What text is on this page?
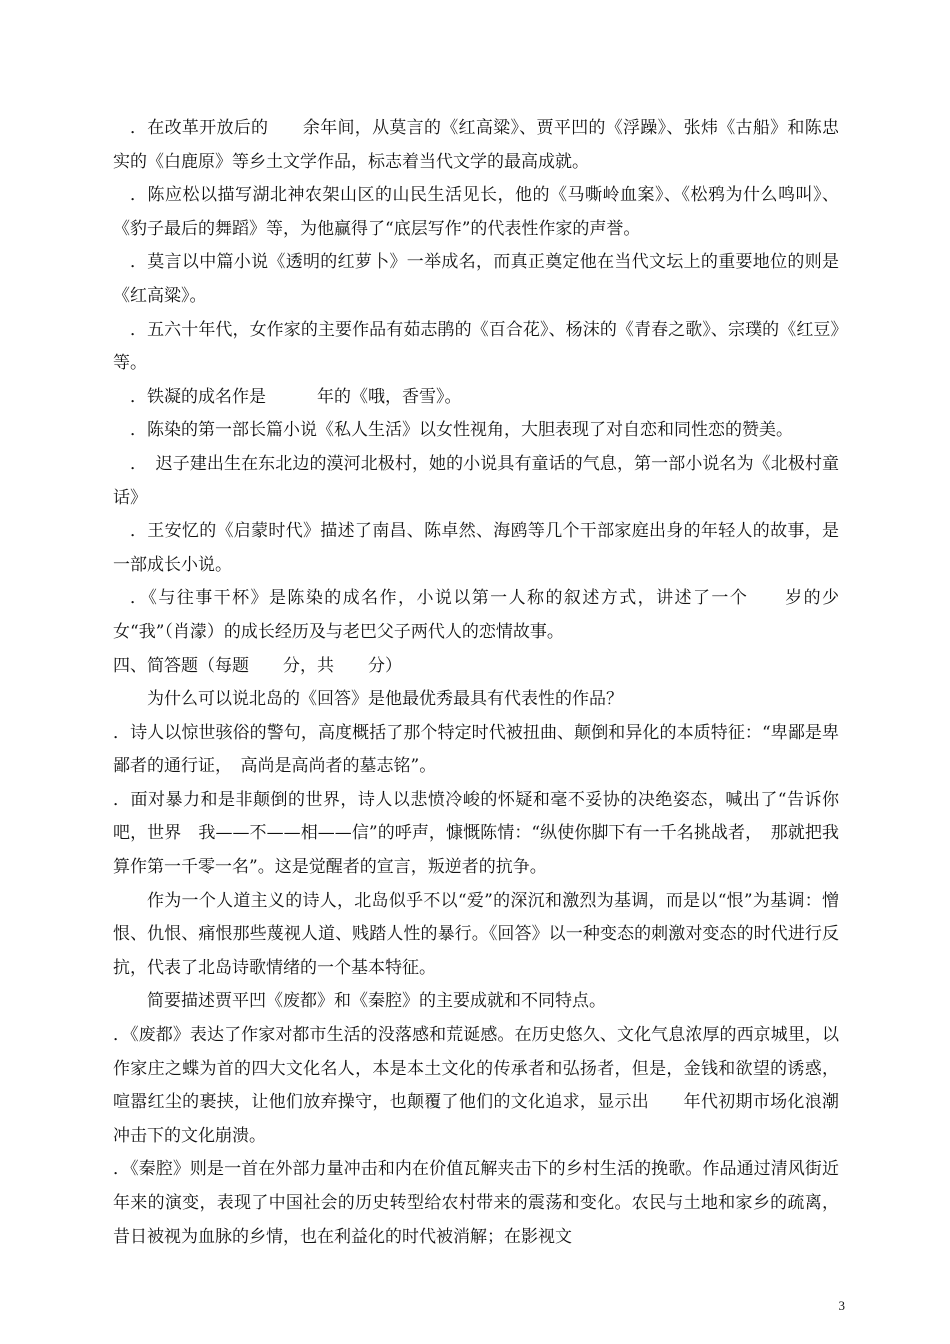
．在改革开放后的　　余年间，从莫言的《红高粱》、贾平凹的《浮躁》、张炜《古船》和陈忠实的《白鹿原》等乡土文学作品，标志着当代文学的最高成就。

．陈应松以描写湖北神农架山区的山民生活见长，他的《马嘶岭血案》、《松鸦为什么鸣叫》、《豹子最后的舞蹈》等，为他赢得了“底层写作”的代表性作家的声誉。

．莫言以中篇小说《透明的红萝卜》一举成名，而真正奠定他在当代文坛上的重要地位的则是《红高粱》。

．五六十年代，女作家的主要作品有茹志鹃的《百合花》、杨沫的《青春之歌》、宗璞的《红豆》等。

．铁凝的成名作是　　　年的《哦，香雪》。

．陈染的第一部长篇小说《私人生活》以女性视角，大胆表现了对自恋和同性恋的赞美。

．　迟子建出生在东北边的漠河北极村，她的小说具有童话的气息，第一部小说名为《北极村童话》

．王安忆的《启蒙时代》描述了南昌、陈卓然、海鸥等几个干部家庭出身的年轻人的故事，是一部成长小说。

．《与往事干杯》是陈染的成名作，小说以第一人称的叙述方式，讲述了一个　　岁的少女“我”（肖濛）的成长经历及与老巴父子两代人的恋情故事。

四、简答题（每题　　分，共　　分）

为什么可以说北岛的《回答》是他最优秀最具有代表性的作品？

．诗人以惊世骇俗的警句，高度概括了那个特定时代被扭曲、颠倒和异化的本质特征：“卑鄙是卑鄙者的通行证，　高尚是高尚者的墓志铭”。

．面对暴力和是非颠倒的世界，诗人以悲愤冷峻的怀疑和毫不妥协的决绝姿态，喊出了“告诉你吧，世界　我——不——相——信”的呼声，慷慨陈情：“纵使你脚下有一千名挑战者，　那就把我算作第一千零一名”。这是觉醒者的宣言，叛逆者的抗争。

作为一个人道主义的诗人，北岛似乎不以“爱”的深沉和激烈为基调，而是以“恨”为基调：憎恨、仇恨、痛恨那些蔑视人道、贱踏人性的暴行。《回答》以一种变态的刺激对变态的时代进行反抗，代表了北岛诗歌情绪的一个基本特征。

简要描述贾平凹《废都》和《秦腔》的主要成就和不同特点。

．《废都》表达了作家对都市生活的没落感和荒诞感。在历史悠久、文化气息浓厚的西京城里，以作家庄之蝶为首的四大文化名人，本是本土文化的传承者和弘扬者，但是，金钱和欲望的诱惑，喧嚣红尘的裹挟，让他们放弃操守，也颠覆了他们的文化追求，显示出　　年代初期市场化浪潮冲击下的文化崩溃。

．《秦腔》则是一首在外部力量冲击和内在价值瓦解夹击下的乡村生活的挽歌。作品通过清风街近　　年来的演变，表现了中国社会的历史转型给农村带来的震荡和变化。农民与土地和家乡的疏离，昔日被视为血脉的乡情，也在利益化的时代被消解；在影视文

3
